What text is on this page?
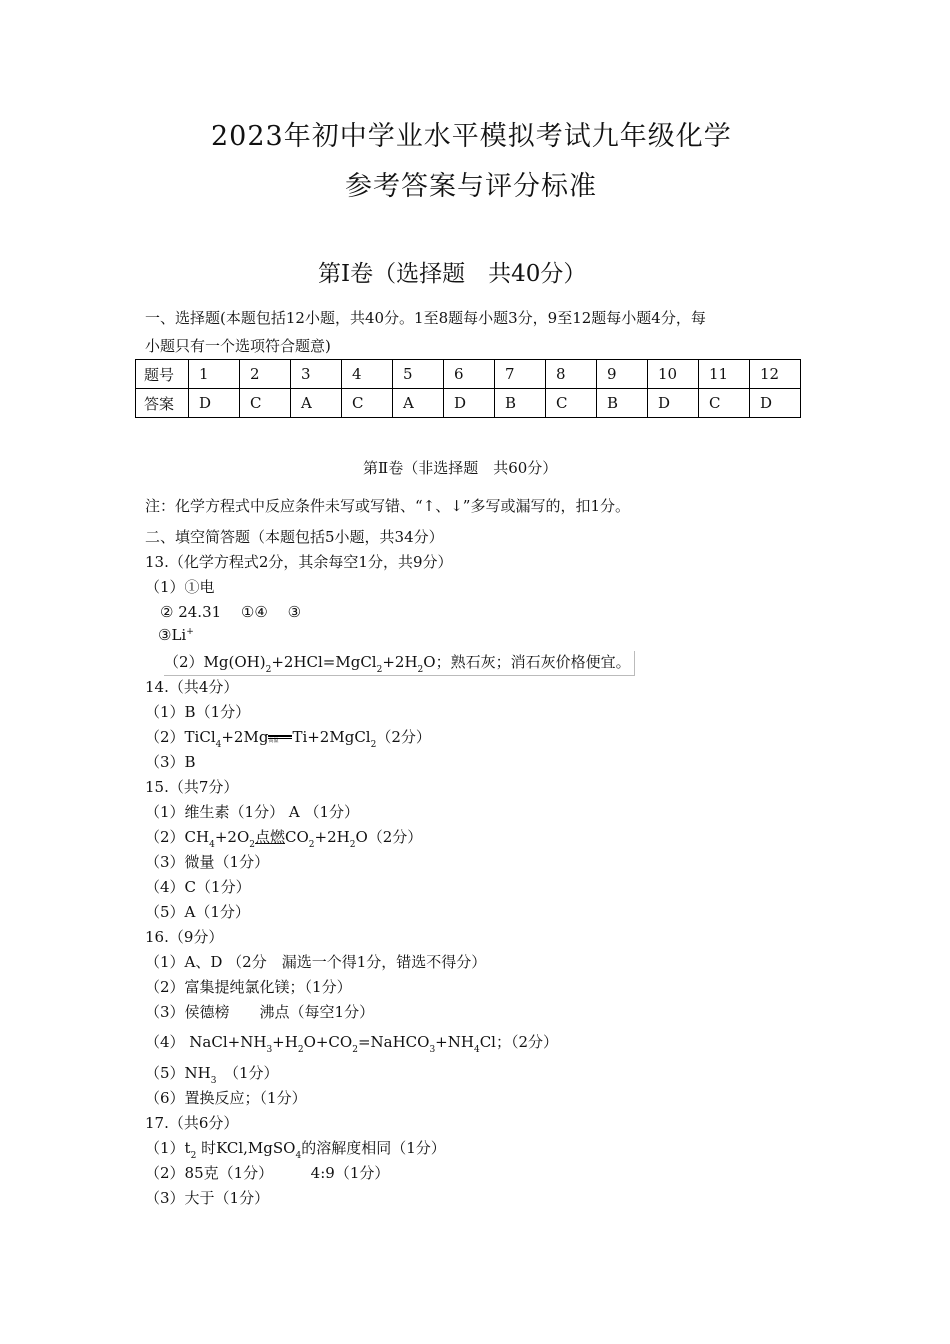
2023年初中学业水平模拟考试九年级化学
参考答案与评分标准
第Ⅰ卷（选择题　共40分）
一、选择题(本题包括12小题，共40分。1至8题每小题3分，9至12题每小题4分，每
小题只有一个选项符合题意)
题号	1	2	3	4	5	6	7	8	9	10	11	12
答案	D	C	A	C	A	D	B	C	B	D	C	D
第Ⅱ卷（非选择题　共60分）
注：化学方程式中反应条件未写或写错、“↑、↓”多写或漏写的，扣1分。
二、填空简答题（本题包括5小题，共34分）
13.（化学方程式2分，其余每空1分，共9分）
（1）①电
② 24.31　 ①④　 ③
③Li+
$(2)Mg(OH)_2+2HCl=MgCl_2+2H_2O$；熟石灰；消石灰价格便宜。
14.（共4分）
（1）B（1分）
（2）TiCl$_4$+2Mg 高温 Ti+2MgCl$_2$（2分）
（3）B
15.（共7分）
（1）维生素（1分） A （1分）
$(2)CH_4+2O_2$点燃$CO_2+2H_2O(2$分）
（3）微量（1分）
（4）C（1分）
（5）A（1分）
16.（9分）
（1）A、D （2分　漏选一个得1分，错选不得分）
（2）富集提纯氯化镁；（1分）
（3）侯德榜　　沸点（每空1分）
（4） $NaCl+NH_3+H_2O+CO_2=NaHCO_3+NH_4Cl$；（2分）
$(5)NH_3$　（1分）
（6）置换反应；（1分）
17.（共6分）
$(1)t_2$ 时KCl,MgSO$_4$的溶解度相同（1分）
（2）85克（1分）　　　4:9（1分）
（3）大于（1分）
